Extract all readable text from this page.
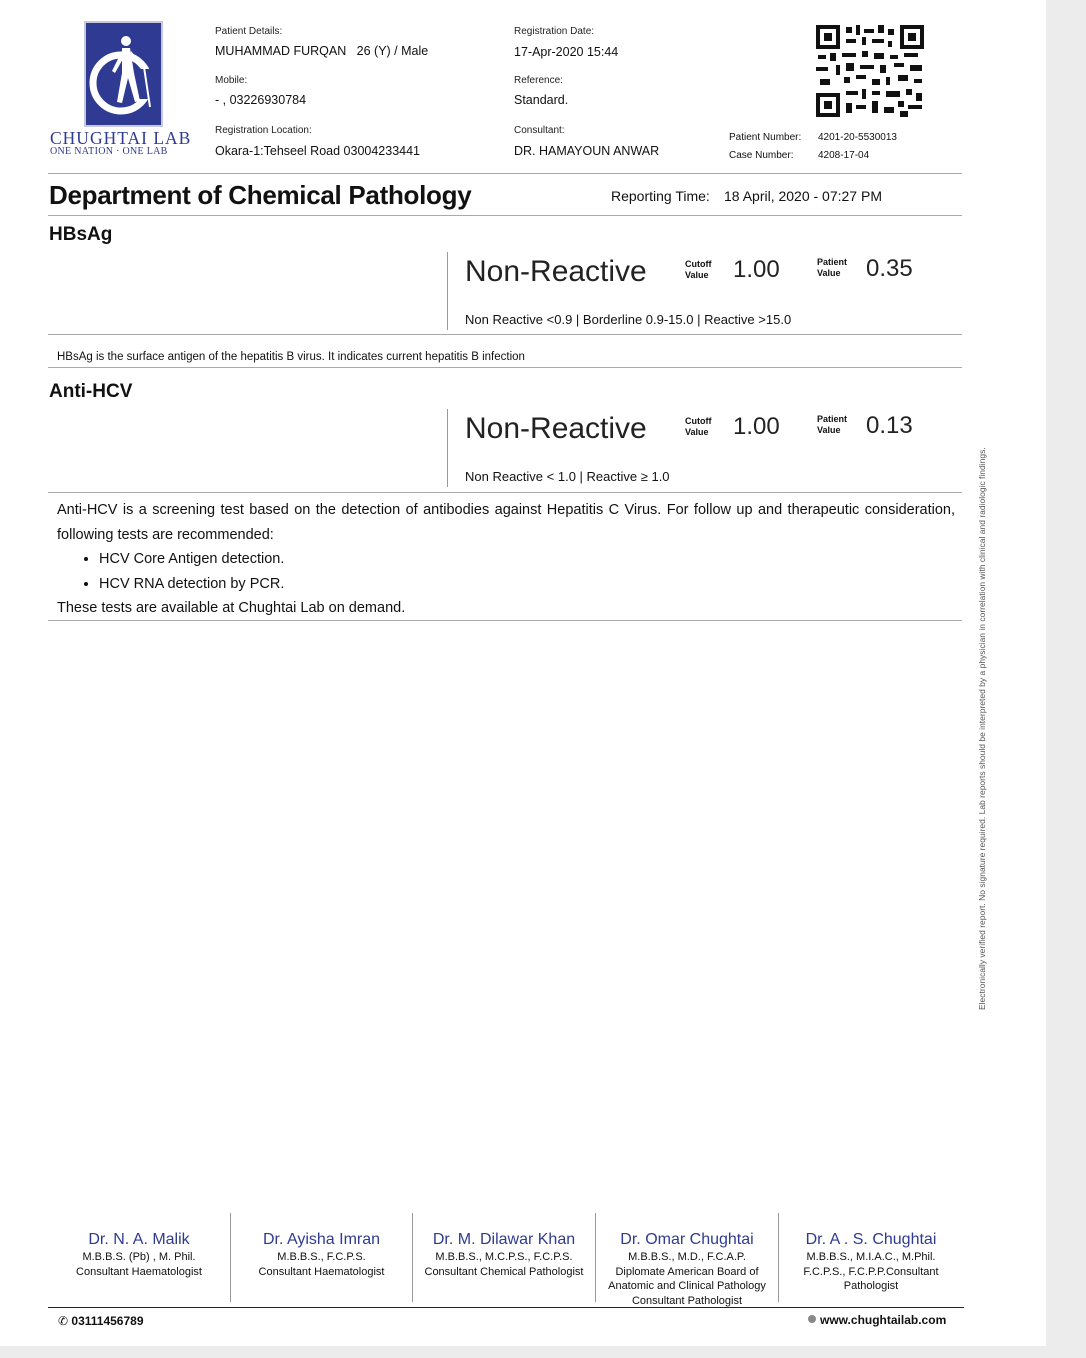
CHUGHTAI LAB
ONE NATION · ONE LAB
Patient Details:
MUHAMMAD FURQAN   26 (Y) / Male
Mobile:
- , 03226930784
Registration Location:
Okara-1:Tehseel Road 03004233441
Registration Date:
17-Apr-2020 15:44
Reference:
Standard.
Consultant:
DR. HAMAYOUN ANWAR
Patient Number: 4201-20-5530013
Case Number: 4208-17-04
Department of Chemical Pathology	Reporting Time: 18 April, 2020 - 07:27 PM
HBsAg
Non-Reactive	Cutoff
Value 1.00	Patient
Value 0.35
Non Reactive <0.9 | Borderline 0.9-15.0 | Reactive >15.0
HBsAg is the surface antigen of the hepatitis B virus. It indicates current hepatitis B infection
Anti-HCV
Non-Reactive	Cutoff
Value 1.00	Patient
Value 0.13
Non Reactive < 1.0 | Reactive ≥ 1.0
Anti-HCV is a screening test based on the detection of antibodies against Hepatitis C Virus. For follow up and therapeutic consideration, following tests are recommended:
• HCV Core Antigen detection.
• HCV RNA detection by PCR.
These tests are available at Chughtai Lab on demand.	Electronically verified report. No signature required. Lab reports should be interpreted by a physician in correlation with clinical and radiologic findings.
Dr. N. A. Malik
M.B.B.S. (Pb) , M. Phil.
Consultant Haematologist
Dr. Ayisha Imran
M.B.B.S., F.C.P.S.
Consultant Haematologist
Dr. M. Dilawar Khan
M.B.B.S., M.C.P.S., F.C.P.S.
Consultant Chemical Pathologist
Dr. Omar Chughtai
M.B.B.S., M.D., F.C.A.P.
Diplomate American Board of
Anatomic and Clinical Pathology
Consultant Pathologist
Dr. A . S. Chughtai
M.B.B.S., M.I.A.C., M.Phil.
F.C.P.S., F.C.P.P.Consultant
Pathologist
✆ 03111456789	www.chughtailab.com
